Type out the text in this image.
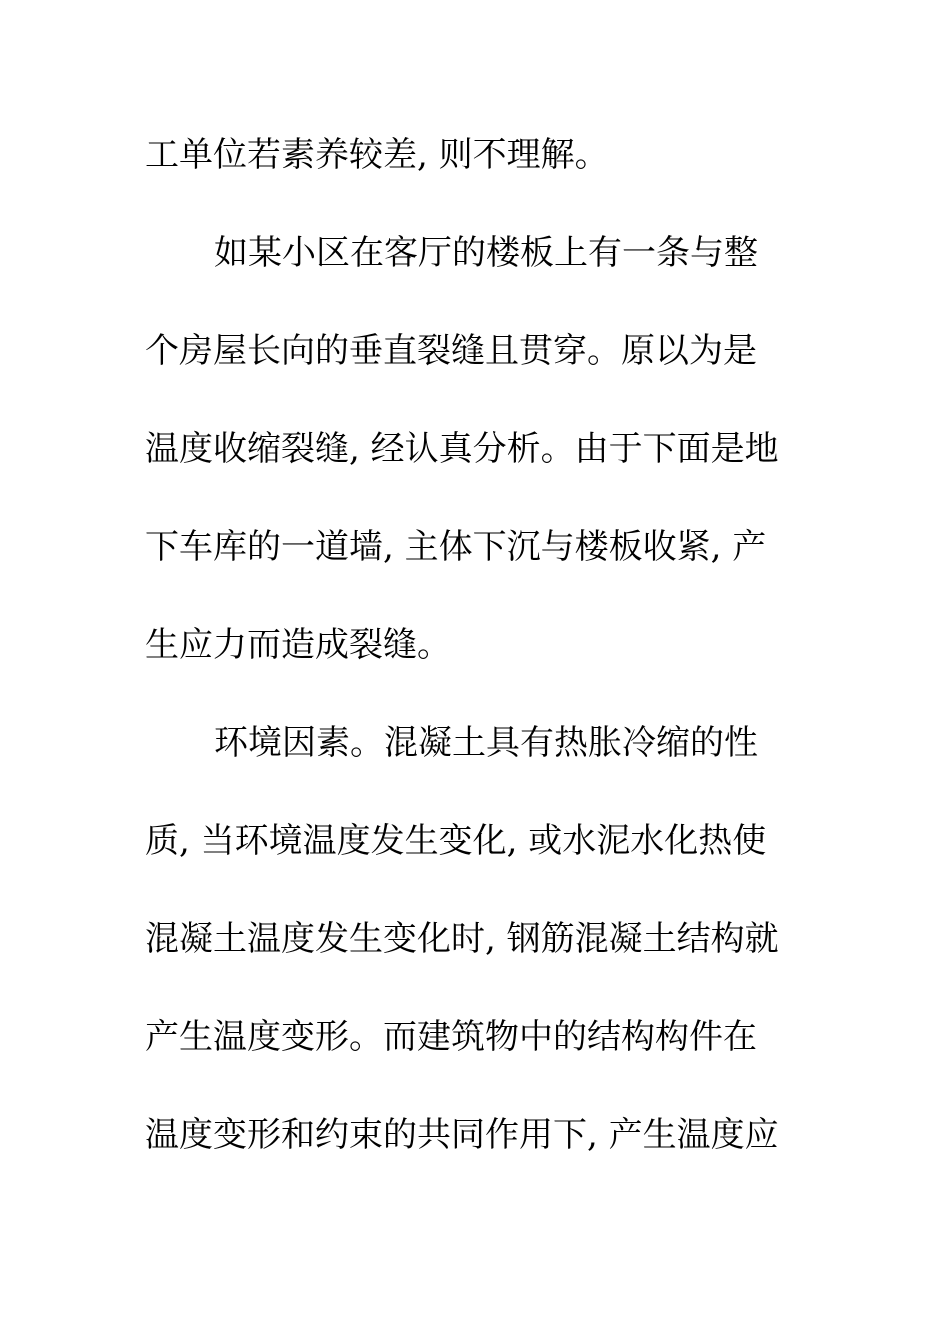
工单位若素养较差, 则不理解。

如某小区在客厅的楼板上有一条与整

个房屋长向的垂直裂缝且贯穿。原以为是

温度收缩裂缝, 经认真分析。由于下面是地

下车库的一道墙, 主体下沉与楼板收紧, 产

生应力而造成裂缝。

环境因素。混凝土具有热胀冷缩的性

质, 当环境温度发生变化, 或水泥水化热使

混凝土温度发生变化时, 钢筋混凝土结构就

产生温度变形。而建筑物中的结构构件在

温度变形和约束的共同作用下, 产生温度应
